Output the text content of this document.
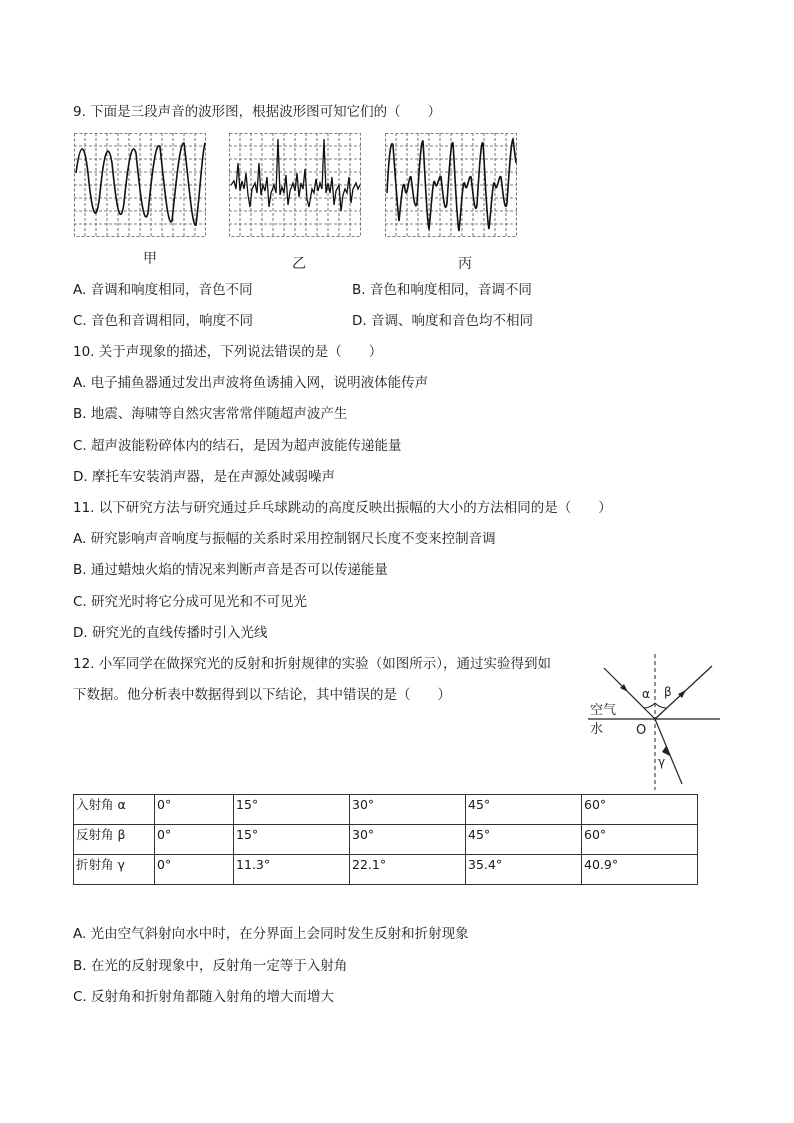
9. 下面是三段声音的波形图，根据波形图可知它们的（　　）
甲	乙	丙
A. 音调和响度相同，音色不同	B. 音色和响度相同，音调不同
C. 音色和音调相同，响度不同	D. 音调、响度和音色均不相同
10. 关于声现象的描述，下列说法错误的是（　　）
A. 电子捕鱼器通过发出声波将鱼诱捕入网，说明液体能传声
B. 地震、海啸等自然灾害常常伴随超声波产生
C. 超声波能粉碎体内的结石，是因为超声波能传递能量
D. 摩托车安装消声器，是在声源处减弱噪声
11. 以下研究方法与研究通过乒乓球跳动的高度反映出振幅的大小的方法相同的是（　　）
A. 研究影响声音响度与振幅的关系时采用控制钢尺长度不变来控制音调
B. 通过蜡烛火焰的情况来判断声音是否可以传递能量
C. 研究光时将它分成可见光和不可见光
D. 研究光的直线传播时引入光线
12. 小军同学在做探究光的反射和折射规律的实验（如图所示），通过实验得到如
下数据。他分析表中数据得到以下结论，其中错误的是（　　）
空气
水	O
α β
γ
入射角 α	0°	15°	30°	45°	60°
反射角 β	0°	15°	30°	45°	60°
折射角 γ	0°	11.3°	22.1°	35.4°	40.9°
A. 光由空气斜射向水中时，在分界面上会同时发生反射和折射现象
B. 在光的反射现象中，反射角一定等于入射角
C. 反射角和折射角都随入射角的增大而增大
